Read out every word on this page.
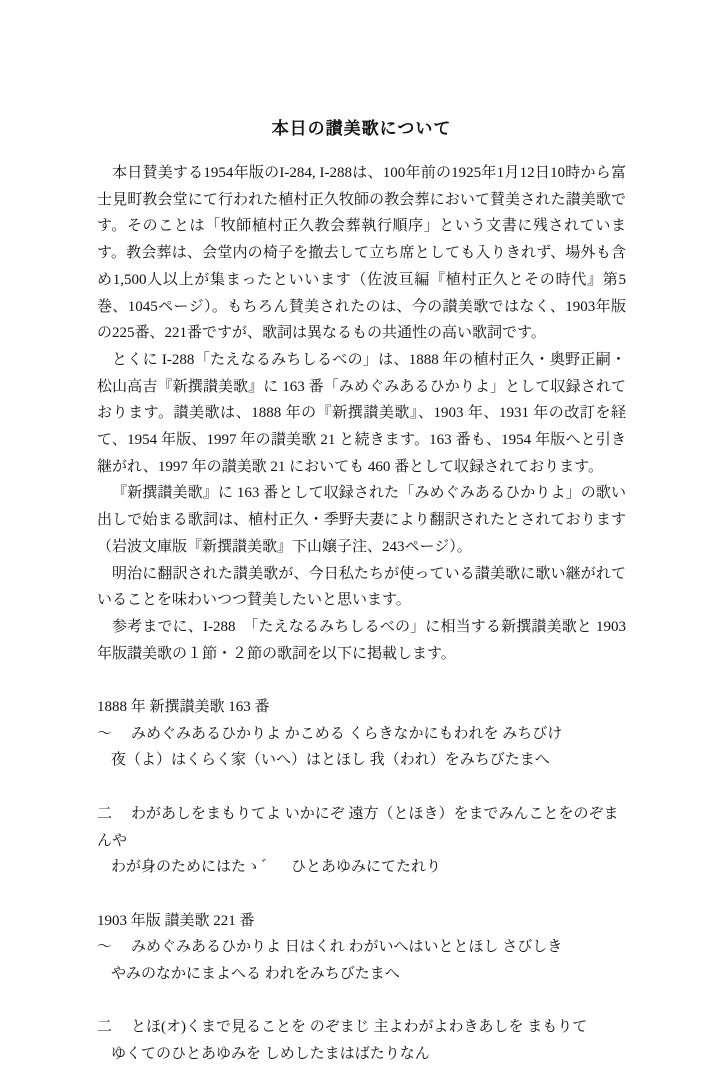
本日の讃美歌について

本日賛美する1954年版のI-284, I-288は、100年前の1925年1月12日10時から富士見町教会堂にて行われた植村正久牧師の教会葬において賛美された讃美歌です。そのことは「牧師植村正久教会葬執行順序」という文書に残されています。教会葬は、会堂内の椅子を撤去して立ち席としても入りきれず、場外も含め1,500人以上が集まったといいます（佐波亘編『植村正久とその時代』第5巻、1045ページ）。もちろん賛美されたのは、今の讃美歌ではなく、1903年版の225番、221番ですが、歌詞は異なるもの共通性の高い歌詞です。

とくに I-288「たえなるみちしるべの」は、1888 年の植村正久・奥野正嗣・松山高吉『新撰讃美歌』に 163 番「みめぐみあるひかりよ」として収録されております。讃美歌は、1888 年の『新撰讃美歌』、1903 年、1931 年の改訂を経て、1954 年版、1997 年の讃美歌 21 と続きます。163 番も、1954 年版へと引き継がれ、1997 年の讃美歌 21 においても 460 番として収録されております。

『新撰讃美歌』に 163 番として収録された「みめぐみあるひかりよ」の歌い出しで始まる歌詞は、植村正久・季野夫妻により翻訳されたとされております（岩波文庫版『新撰讃美歌』下山嬢子注、243ページ）。

明治に翻訳された讃美歌が、今日私たちが使っている讃美歌に歌い継がれていることを味わいつつ賛美したいと思います。

参考までに、I-288　「たえなるみちしるべの」に相当する新撰讃美歌と 1903 年版讃美歌の１節・２節の歌詞を以下に掲載します。

1888 年 新撰讃美歌 163 番
～ みめぐみあるひかりよ かこめる くらきなかにもわれを みちびけ
夜（よ）はくらく家（いへ）はとほし 我（われ）をみちびたまへ
二 わがあしをまもりてよ いかにぞ 遠方（とほき）をまでみんことをのぞまんや
わが身のためにはたゝ゛　ひとあゆみにてたれり
1903 年版 讃美歌 221 番
～ みめぐみあるひかりよ 日はくれ わがいへはいととほし さびしき
やみのなかにまよへる われをみちびたまへ
二 とほ(オ)くまで見ることを のぞまじ 主よわがよわきあしを まもりて
ゆくてのひとあゆみを しめしたまはばたりなん
